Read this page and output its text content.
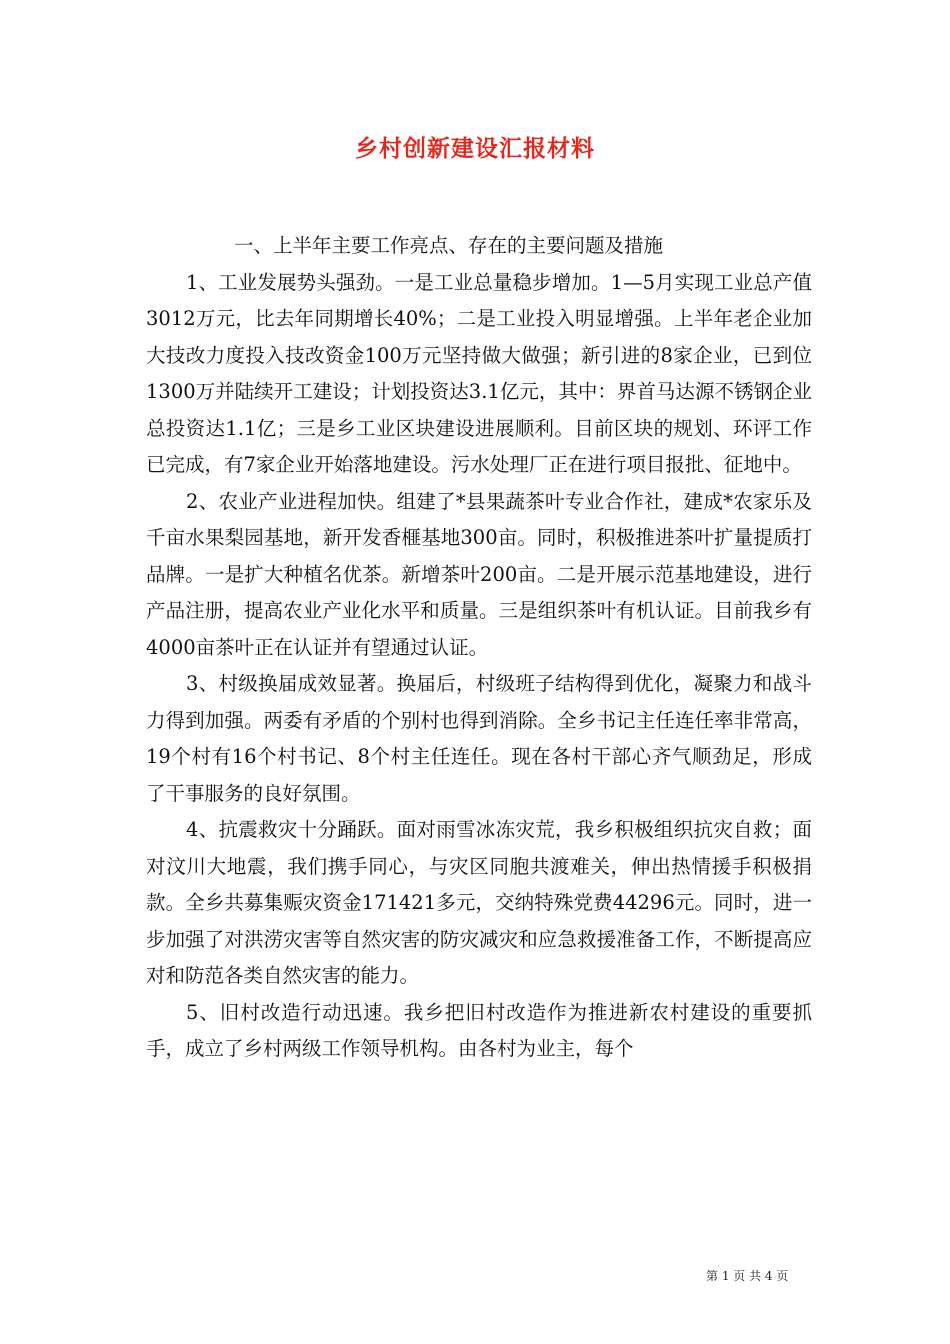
乡村创新建设汇报材料

一、上半年主要工作亮点、存在的主要问题及措施

1、工业发展势头强劲。一是工业总量稳步增加。1—5月实现工业总产值3012万元，比去年同期增长40%；二是工业投入明显增强。上半年老企业加大技改力度投入技改资金100万元坚持做大做强；新引进的8家企业，已到位1300万并陆续开工建设；计划投资达3.1亿元，其中：界首马达源不锈钢企业总投资达1.1亿；三是乡工业区块建设进展顺利。目前区块的规划、环评工作已完成，有7家企业开始落地建设。污水处理厂正在进行项目报批、征地中。

2、农业产业进程加快。组建了*县果蔬茶叶专业合作社，建成*农家乐及千亩水果梨园基地，新开发香榧基地300亩。同时，积极推进茶叶扩量提质打品牌。一是扩大种植名优茶。新增茶叶200亩。二是开展示范基地建设，进行产品注册，提高农业产业化水平和质量。三是组织茶叶有机认证。目前我乡有4000亩茶叶正在认证并有望通过认证。

3、村级换届成效显著。换届后，村级班子结构得到优化，凝聚力和战斗力得到加强。两委有矛盾的个别村也得到消除。全乡书记主任连任率非常高，19个村有16个村书记、8个村主任连任。现在各村干部心齐气顺劲足，形成了干事服务的良好氛围。

4、抗震救灾十分踊跃。面对雨雪冰冻灾荒，我乡积极组织抗灾自救；面对汶川大地震，我们携手同心，与灾区同胞共渡难关，伸出热情援手积极捐款。全乡共募集赈灾资金171421多元，交纳特殊党费44296元。同时，进一步加强了对洪涝灾害等自然灾害的防灾减灾和应急救援准备工作，不断提高应对和防范各类自然灾害的能力。

5、旧村改造行动迅速。我乡把旧村改造作为推进新农村建设的重要抓手，成立了乡村两级工作领导机构。由各村为业主，每个

第 1 页 共 4 页
